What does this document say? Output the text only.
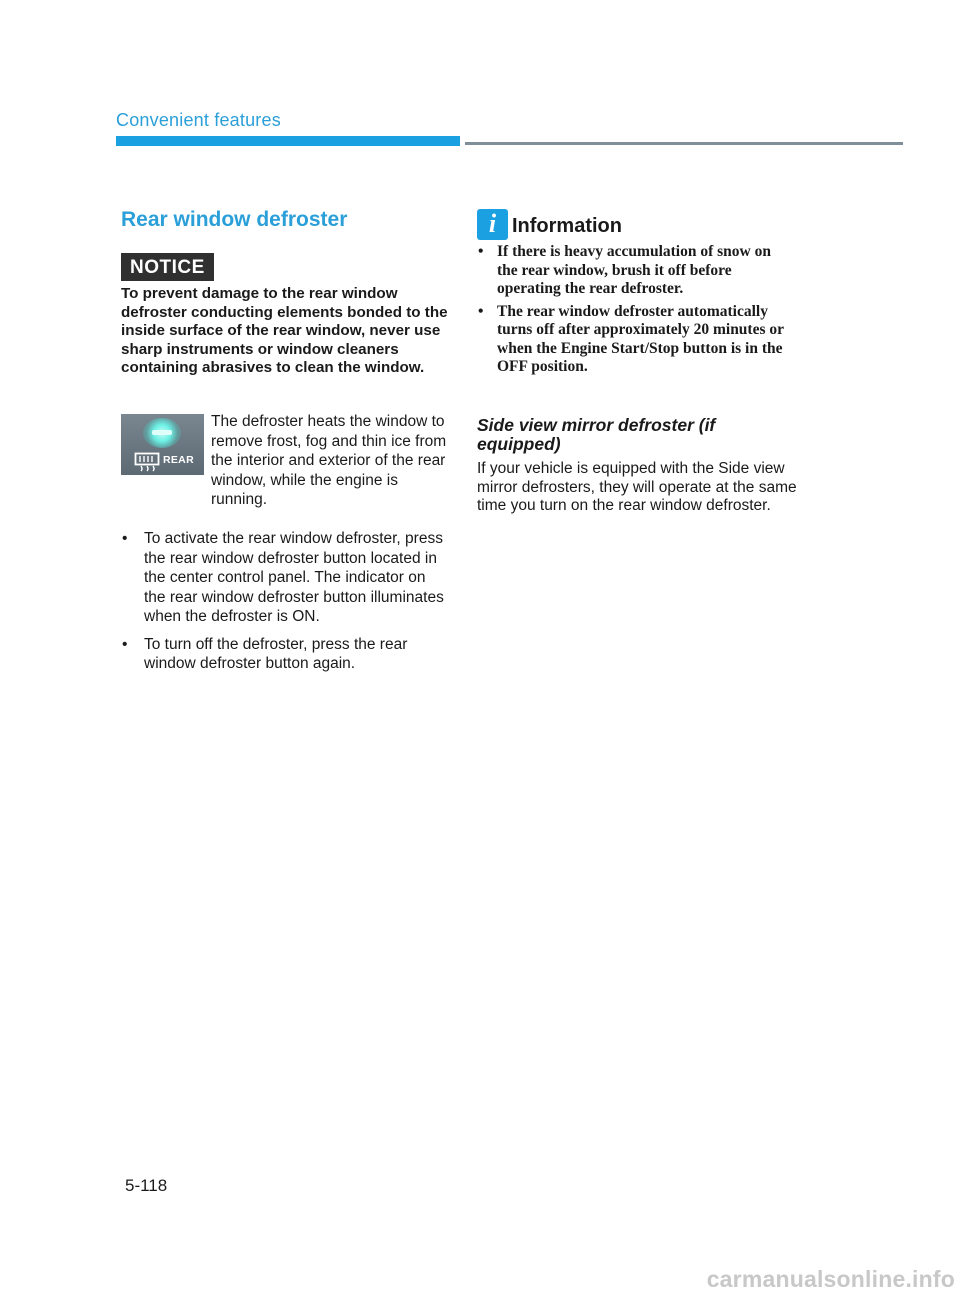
Convenient features
Rear window defroster
NOTICE
To prevent damage to the rear window defroster conducting elements bonded to the inside surface of the rear window, never use sharp instruments or window cleaners containing abrasives to clean the window.
REAR
The defroster heats the window to remove frost, fog and thin ice from the interior and exterior of the rear window, while the engine is running.
• To activate the rear window defroster, press the rear window defroster button located in the center control panel. The indicator on the rear window defroster button illuminates when the defroster is ON.
• To turn off the defroster, press the rear window defroster button again.
i Information
• If there is heavy accumulation of snow on the rear window, brush it off before operating the rear defroster.
• The rear window defroster automatically turns off after approximately 20 minutes or when the Engine Start/Stop button is in the OFF position.
Side view mirror defroster (if equipped)
If your vehicle is equipped with the Side view mirror defrosters, they will operate at the same time you turn on the rear window defroster.
5-118
carmanualsonline.info
